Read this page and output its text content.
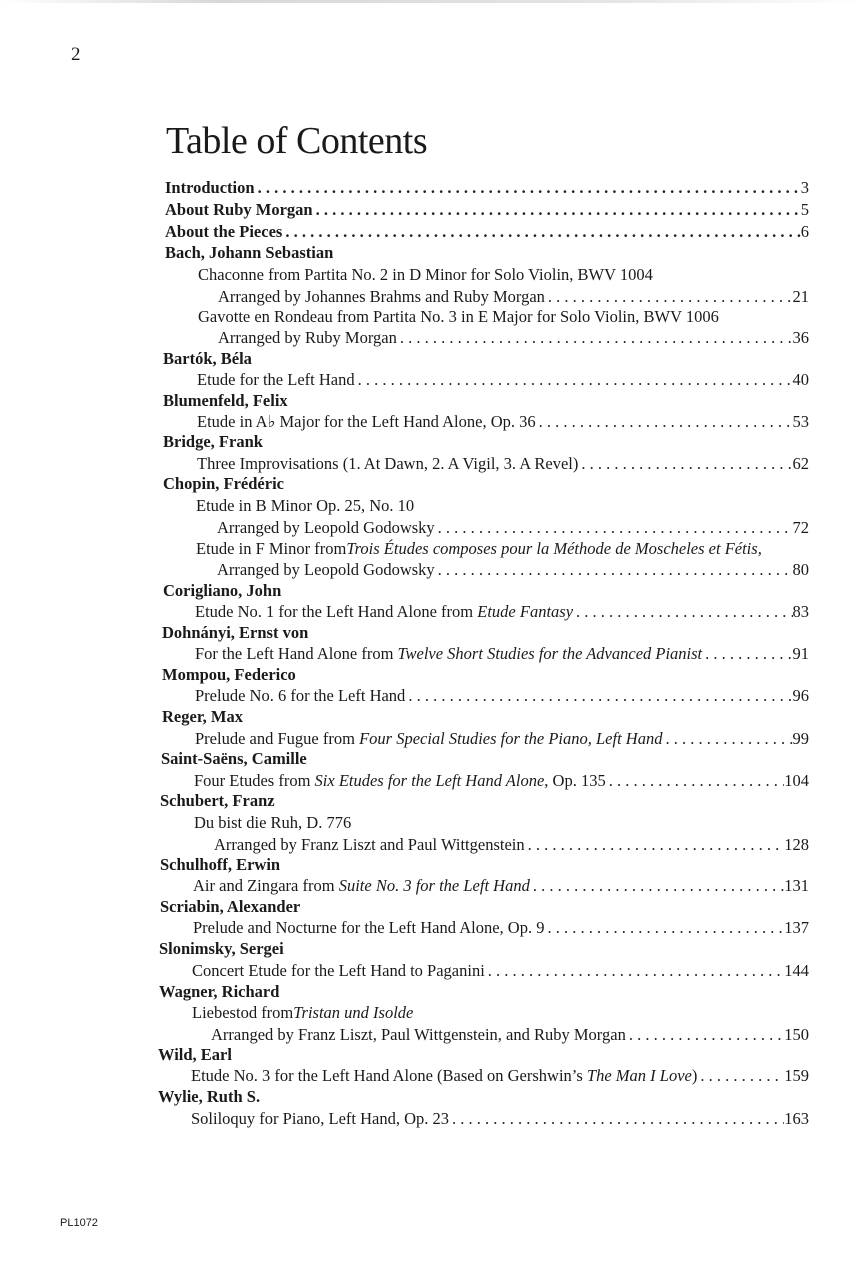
2
Table of Contents
Introduction . . .	3
About Ruby Morgan . . .	5
About the Pieces . . .	6
Bach, Johann Sebastian
Chaconne from Partita No. 2 in D Minor for Solo Violin, BWV 1004
Arranged by Johannes Brahms and Ruby Morgan . . .	21
Gavotte en Rondeau from Partita No. 3 in E Major for Solo Violin, BWV 1006
Arranged by Ruby Morgan . . .	36
Bartók, Béla
Etude for the Left Hand . . .	40
Blumenfeld, Felix
Etude in A♭ Major for the Left Hand Alone, Op. 36 . . .	53
Bridge, Frank
Three Improvisations (1. At Dawn, 2. A Vigil, 3. A Revel) . . .	62
Chopin, Frédéric
Etude in B Minor Op. 25, No. 10
Arranged by Leopold Godowsky . . .	72
Etude in F Minor from Trois Études composes pour la Méthode de Moscheles et Fétis,
Arranged by Leopold Godowsky . . .	80
Corigliano, John
Etude No. 1 for the Left Hand Alone from Etude Fantasy . . .	83
Dohnányi, Ernst von
For the Left Hand Alone from Twelve Short Studies for the Advanced Pianist . . .	91
Mompou, Federico
Prelude No. 6 for the Left Hand . . .	96
Reger, Max
Prelude and Fugue from Four Special Studies for the Piano, Left Hand . . .	99
Saint-Saëns, Camille
Four Etudes from Six Etudes for the Left Hand Alone, Op. 135 . . .	104
Schubert, Franz
Du bist die Ruh, D. 776
Arranged by Franz Liszt and Paul Wittgenstein . . .	128
Schulhoff, Erwin
Air and Zingara from Suite No. 3 for the Left Hand . . .	131
Scriabin, Alexander
Prelude and Nocturne for the Left Hand Alone, Op. 9 . . .	137
Slonimsky, Sergei
Concert Etude for the Left Hand to Paganini . . .	144
Wagner, Richard
Liebestod from Tristan und Isolde
Arranged by Franz Liszt, Paul Wittgenstein, and Ruby Morgan . . .	150
Wild, Earl
Etude No. 3 for the Left Hand Alone (Based on Gershwin’s The Man I Love) . . .	159
Wylie, Ruth S.
Soliloquy for Piano, Left Hand, Op. 23 . . .	163
PL1072
